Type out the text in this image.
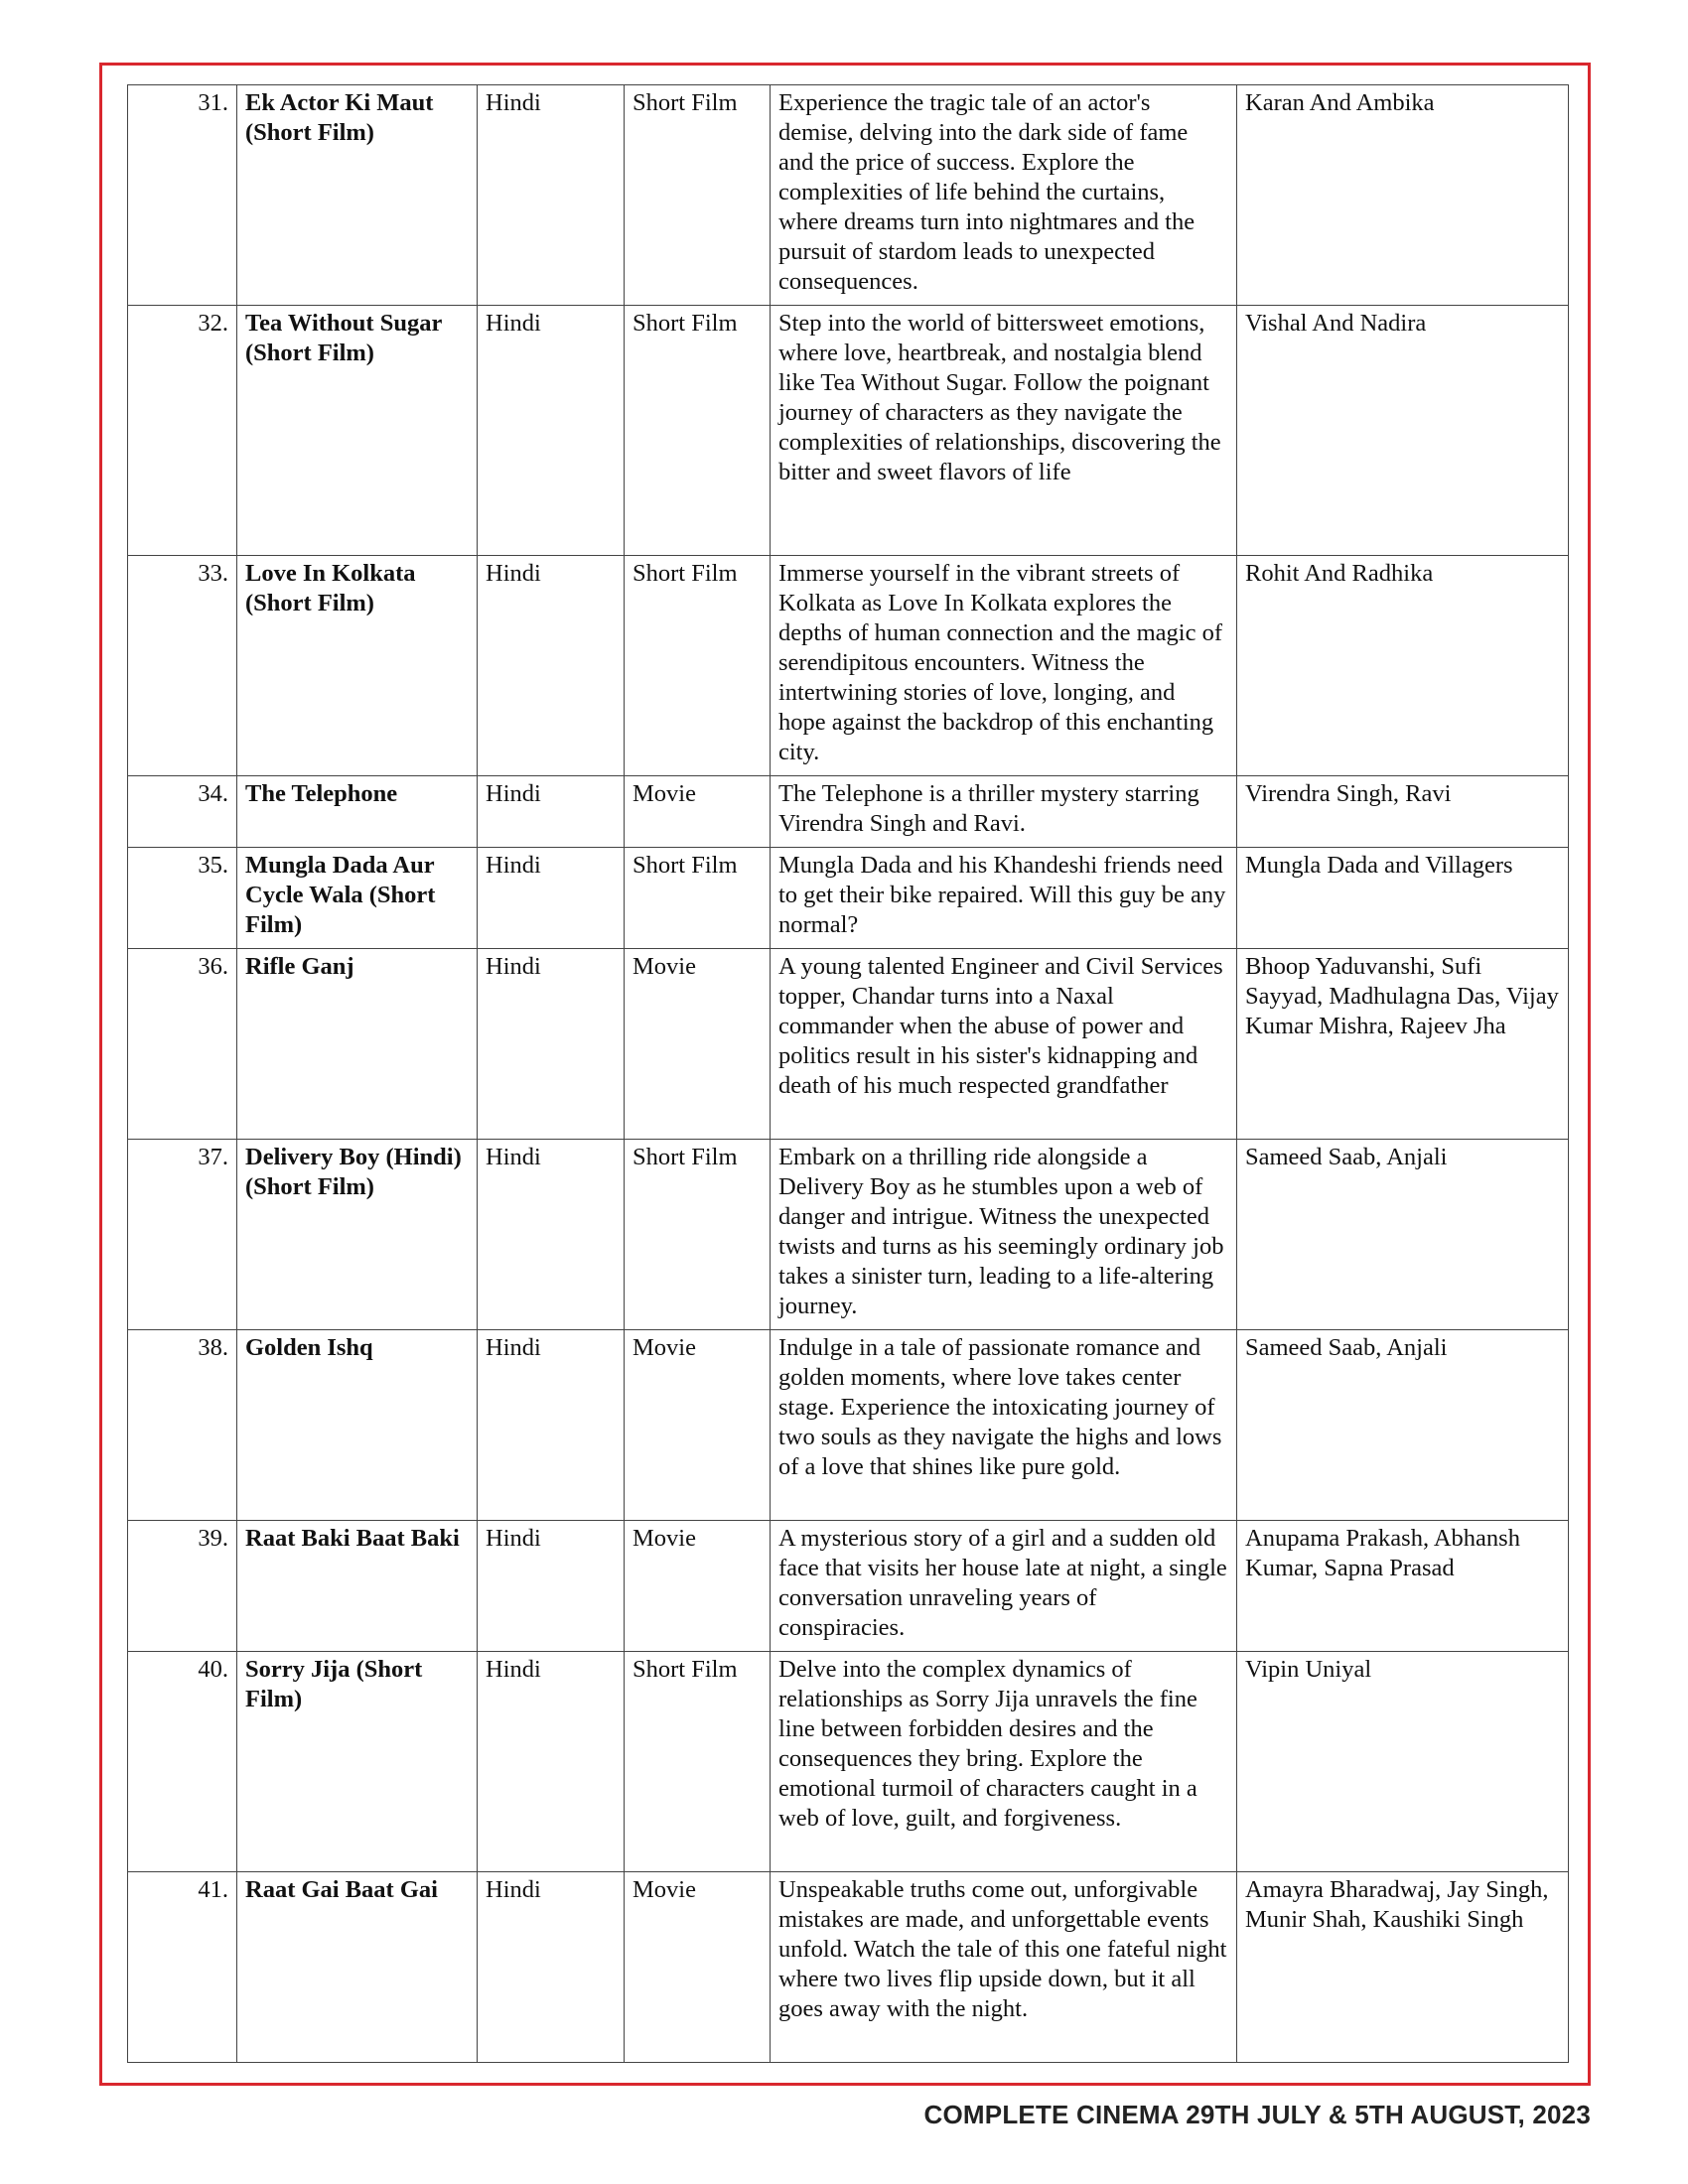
31.	Ek Actor Ki Maut (Short Film)	Hindi	Short Film	Experience the tragic tale of an actor's demise, delving into the dark side of fame and the price of success. Explore the complexities of life behind the curtains, where dreams turn into nightmares and the pursuit of stardom leads to unexpected consequences.	Karan And Ambika
32.	Tea Without Sugar (Short Film)	Hindi	Short Film	Step into the world of bittersweet emotions, where love, heartbreak, and nostalgia blend like Tea Without Sugar. Follow the poignant journey of characters as they navigate the complexities of relationships, discovering the bitter and sweet flavors of life	Vishal And Nadira
33.	Love In Kolkata (Short Film)	Hindi	Short Film	Immerse yourself in the vibrant streets of Kolkata as Love In Kolkata explores the depths of human connection and the magic of serendipitous encounters. Witness the intertwining stories of love, longing, and hope against the backdrop of this enchanting city.	Rohit And Radhika
34.	The Telephone	Hindi	Movie	The Telephone is a thriller mystery starring Virendra Singh and Ravi.	Virendra Singh, Ravi
35.	Mungla Dada Aur Cycle Wala (Short Film)	Hindi	Short Film	Mungla Dada and his Khandeshi friends need to get their bike repaired. Will this guy be any normal?	Mungla Dada and Villagers
36.	Rifle Ganj	Hindi	Movie	A young talented Engineer and Civil Services topper, Chandar turns into a Naxal commander when the abuse of power and politics result in his sister's kidnapping and death of his much respected grandfather	Bhoop Yaduvanshi, Sufi Sayyad, Madhulagna Das, Vijay Kumar Mishra, Rajeev Jha
37.	Delivery Boy (Hindi) (Short Film)	Hindi	Short Film	Embark on a thrilling ride alongside a Delivery Boy as he stumbles upon a web of danger and intrigue. Witness the unexpected twists and turns as his seemingly ordinary job takes a sinister turn, leading to a life-altering journey.	Sameed Saab, Anjali
38.	Golden Ishq	Hindi	Movie	Indulge in a tale of passionate romance and golden moments, where love takes center stage. Experience the intoxicating journey of two souls as they navigate the highs and lows of a love that shines like pure gold.	Sameed Saab, Anjali
39.	Raat Baki Baat Baki	Hindi	Movie	A mysterious story of a girl and a sudden old face that visits her house late at night, a single conversation unraveling years of conspiracies.	Anupama Prakash, Abhansh Kumar, Sapna Prasad
40.	Sorry Jija (Short Film)	Hindi	Short Film	Delve into the complex dynamics of relationships as Sorry Jija unravels the fine line between forbidden desires and the consequences they bring. Explore the emotional turmoil of characters caught in a web of love, guilt, and forgiveness.	Vipin Uniyal
41.	Raat Gai Baat Gai	Hindi	Movie	Unspeakable truths come out, unforgivable mistakes are made, and unforgettable events unfold. Watch the tale of this one fateful night where two lives flip upside down, but it all goes away with the night.	Amayra Bharadwaj, Jay Singh, Munir Shah, Kaushiki Singh
COMPLETE CINEMA 29TH JULY & 5TH AUGUST, 2023
